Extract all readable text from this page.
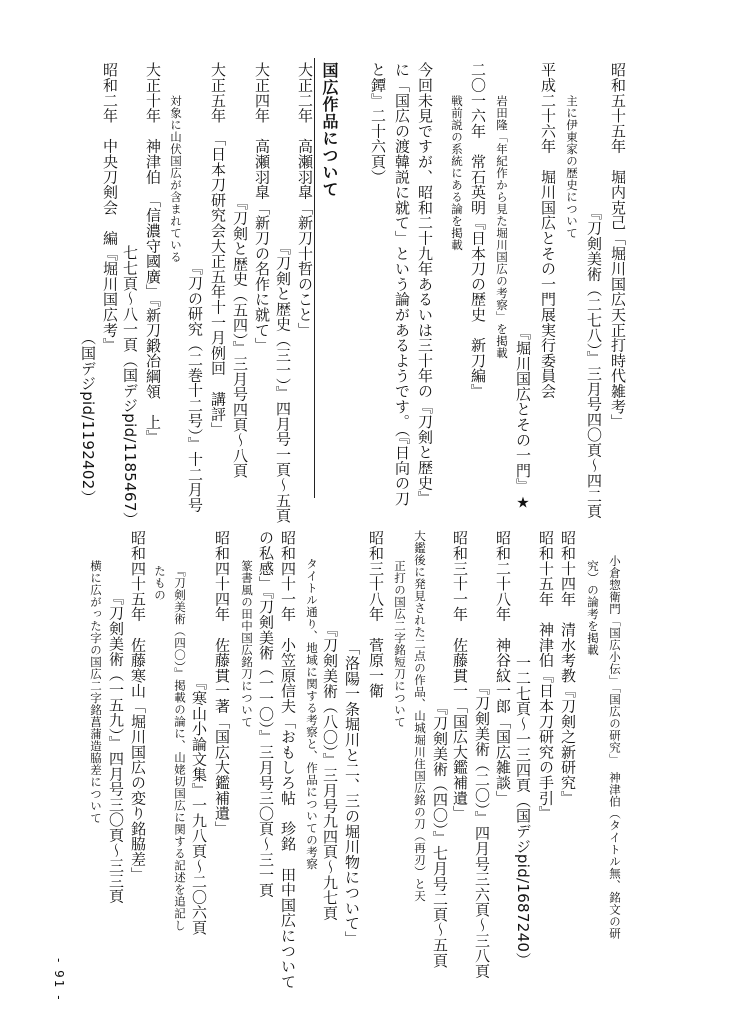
昭和五十五年　堀内克己「堀川国広天正打時代雑考」
『刀剣美術（二七八）』三月号四〇頁～四二頁
主に伊東家の歴史について
平成二十六年　堀川国広とその一門展実行委員会
『堀川国広とその一門』★
岩田隆「年紀作から見た堀川国広の考察」を掲載
二〇一六年　常石英明『日本刀の歴史　新刀編』
戦前説の系統にある論を掲載
今回未見ですが、昭和二十九年あるいは三十年の『刀剣と歴史』
に「国広の渡韓説に就て」という論があるようです。（『日向の刀
と鐔』二十六頁）
国広作品について
大正二年　高瀬羽皐「新刀十哲のこと」
『刀剣と歴史（三一）』四月号一頁～五頁
大正四年　高瀬羽皐「新刀の名作に就て」
『刀剣と歴史（五四）』三月号四頁～八頁
大正五年　「日本刀研究会大正五年十一月例回　講評」
『刀の研究（二巻十二号）』十二月号
対象に山伏国広が含まれている
大正十年　神津伯　「信濃守國廣」『新刀鍛冶綱領　上』
七七頁～八一頁（国デジpid/1185467）
昭和二年　中央刀剣会　編『堀川国広考』
（国デジpid/1192402）
小倉惣衛門「国広小伝」「国広の研究」　神津伯（タイトル無、銘文の研
究）の論考を掲載
昭和十四年　清水考教『刀剣之新研究』
昭和十五年　神津伯『日本刀研究の手引』
一二七頁～一三四頁（国デジpid/1687240）
昭和二十八年　神谷紋一郎「国広雑談」
『刀剣美術（二〇）』四月号三六頁～三八頁
昭和三十一年　佐藤貫一「国広大鑑補遺」
『刀剣美術（四〇）』七月号二頁～五頁
大鑑後に発見された二点の作品、山城堀川住国広銘の刀（再刃）と天
正打の国広二字銘短刀について
昭和三十八年　菅原一衛
「洛陽一条堀川と二、三の堀川物について」
『刀剣美術（八〇）』三月号九四頁～九七頁
タイトル通り、地域に関する考察と、作品についての考察
昭和四十一年　小笠原信夫「おもしろ帖　珍銘　田中国広について
の私感」『刀剣美術（一一〇）』三月号三〇頁～三一頁
篆書風の田中国広銘刀について
昭和四十四年　佐藤貫一著「国広大鑑補遺」
『寒山小論文集』一九八頁～二〇六頁
『刀剣美術（四〇）』掲載の論に、山姥切国広に関する記述を追記し
たもの
昭和四十五年　佐藤寒山「堀川国広の変り銘脇差」
『刀剣美術（一五九）』四月号三〇頁～三三頁
横に広がった字の国広二字銘菖蒲造脇差について
- 91 -
